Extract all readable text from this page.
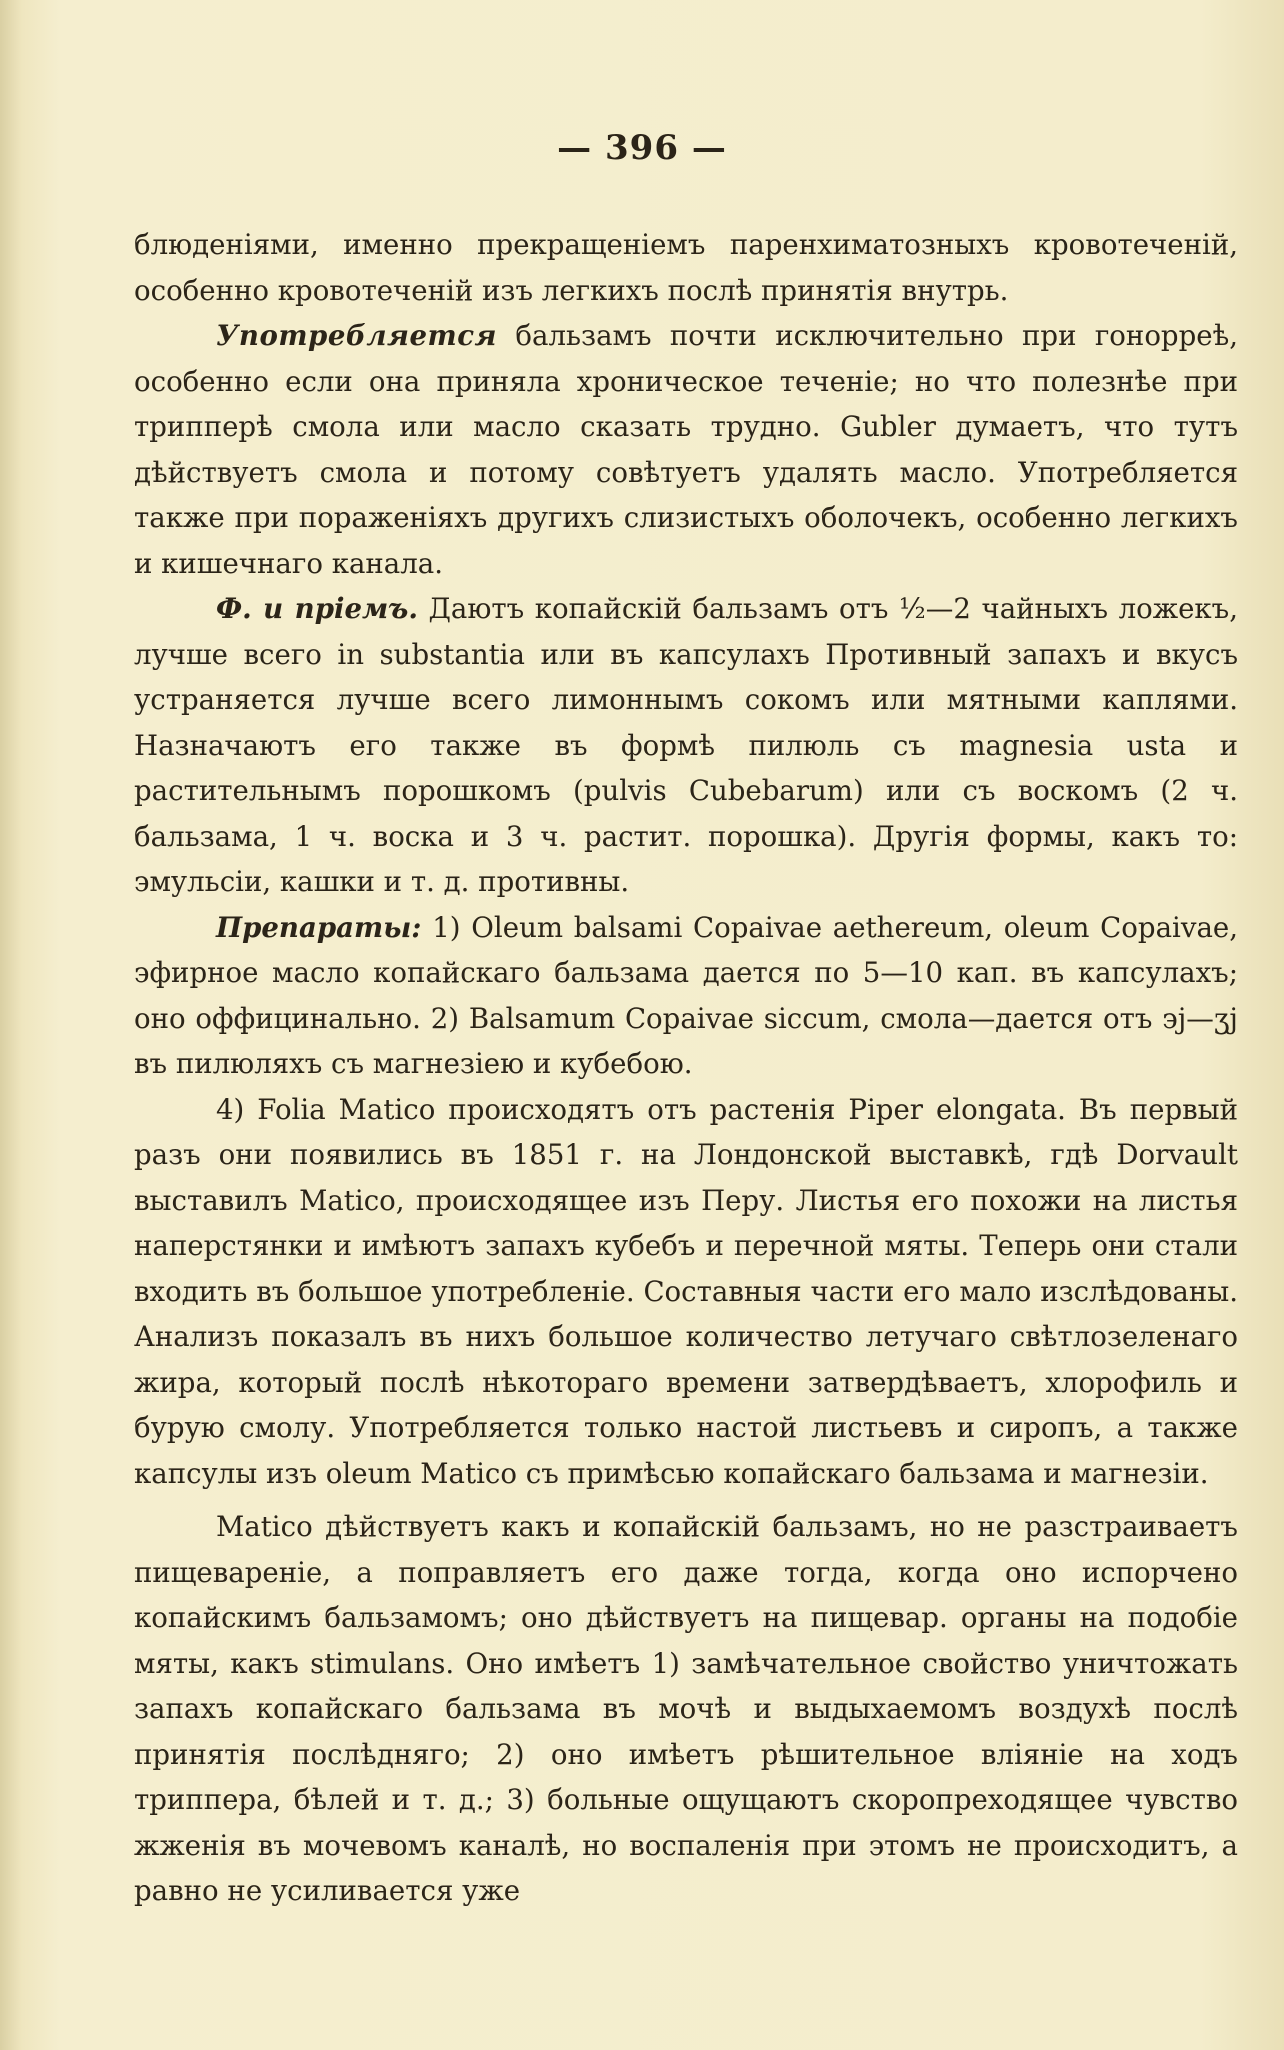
— 396 —

блюденіями, именно прекращеніемъ паренхиматозныхъ кровотеченій, особенно кровотеченій изъ легкихъ послѣ принятія внутрь.

Употребляется бальзамъ почти исключительно при гонорреѣ, особенно если она приняла хроническое теченіе; но что полезнѣе при трипперѣ смола или масло сказать трудно. Gubler думаетъ, что тутъ дѣйствуетъ смола и потому совѣтуетъ удалять масло. Употребляется также при пораженіяхъ другихъ слизистыхъ оболочекъ, особенно легкихъ и кишечнаго канала.

Ф. и пріемъ. Даютъ копайскій бальзамъ отъ ½—2 чайныхъ ложекъ, лучше всего in substantia или въ капсулахъ Противный запахъ и вкусъ устраняется лучше всего лимоннымъ сокомъ или мятными каплями. Назначаютъ его также въ формѣ пилюль съ magnesia usta и растительнымъ порошкомъ (pulvis Cubebarum) или съ воскомъ (2 ч. бальзама, 1 ч. воска и 3 ч. растит. порошка). Другія формы, какъ то: эмульсіи, кашки и т. д. противны.

Препараты: 1) Oleum balsami Copaivae aethereum, oleum Copaivae, эфирное масло копайскаго бальзама дается по 5—10 кап. въ капсулахъ; оно оффицинально. 2) Balsamum Copaivae siccum, смола—дается отъ эj—ʒj въ пилюляхъ съ магнезіею и кубебою.

4) Folia Matico происходятъ отъ растенія Piper elongata. Въ первый разъ они появились въ 1851 г. на Лондонской выставкѣ, гдѣ Dorvault выставилъ Matico, происходящее изъ Перу. Листья его похожи на листья наперстянки и имѣютъ запахъ кубебъ и перечной мяты. Теперь они стали входить въ большое употребленіе. Составныя части его мало изслѣдованы. Анализъ показалъ въ нихъ большое количество летучаго свѣтлозеленаго жира, который послѣ нѣкотораго времени затвердѣваетъ, хлорофиль и бурую смолу. Употребляется только настой листьевъ и сиропъ, а также капсулы изъ oleum Matico съ примѣсью копайскаго бальзама и магнезіи.

Matico дѣйствуетъ какъ и копайскій бальзамъ, но не разстраиваетъ пищевареніе, а поправляетъ его даже тогда, когда оно испорчено копайскимъ бальзамомъ; оно дѣйствуетъ на пищевар. органы на подобіе мяты, какъ stimulans. Оно имѣетъ 1) замѣчательное свойство уничтожать запахъ копайскаго бальзама въ мочѣ и выдыхаемомъ воздухѣ послѣ принятія послѣдняго; 2) оно имѣетъ рѣшительное вліяніе на ходъ триппера, бѣлей и т. д.; 3) больные ощущаютъ скоропреходящее чувство жженія въ мочевомъ каналѣ, но воспаленія при этомъ не происходитъ, а равно не усиливается уже
